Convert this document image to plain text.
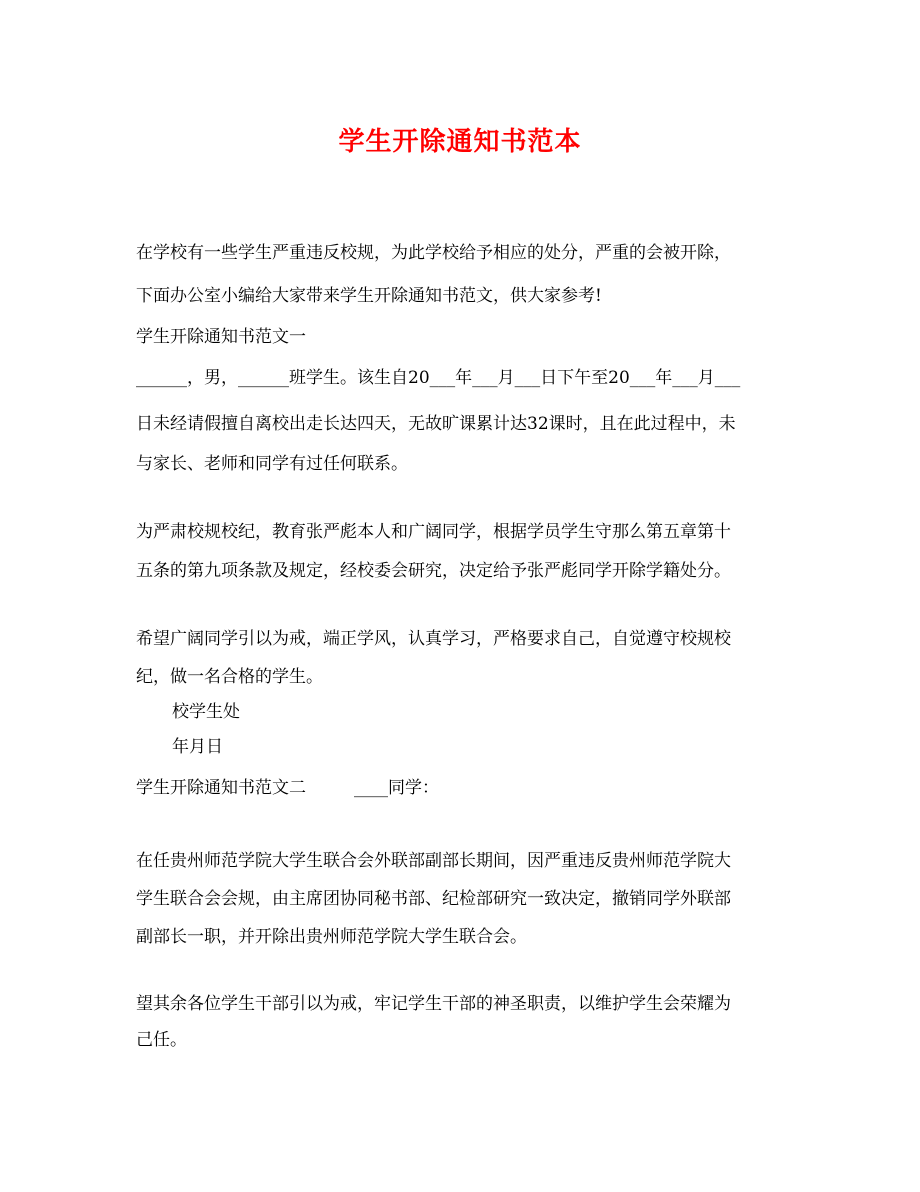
学生开除通知书范本
在学校有一些学生严重违反校规，为此学校给予相应的处分，严重的会被开除，
下面办公室小编给大家带来学生开除通知书范文，供大家参考!
学生开除通知书范文一
______，男，______班学生。该生自20___年___月___日下午至20___年___月___
日未经请假擅自离校出走长达四天，无故旷课累计达32课时，且在此过程中，未
与家长、老师和同学有过任何联系。
为严肃校规校纪，教育张严彪本人和广阔同学，根据学员学生守那么第五章第十
五条的第九项条款及规定，经校委会研究，决定给予张严彪同学开除学籍处分。
希望广阔同学引以为戒，端正学风，认真学习，严格要求自己，自觉遵守校规校
纪，做一名合格的学生。
校学生处
年月日
学生开除通知书范文二	____同学：
在任贵州师范学院大学生联合会外联部副部长期间，因严重违反贵州师范学院大
学生联合会会规，由主席团协同秘书部、纪检部研究一致决定，撤销同学外联部
副部长一职，并开除出贵州师范学院大学生联合会。
望其余各位学生干部引以为戒，牢记学生干部的神圣职责，以维护学生会荣耀为
己任。
